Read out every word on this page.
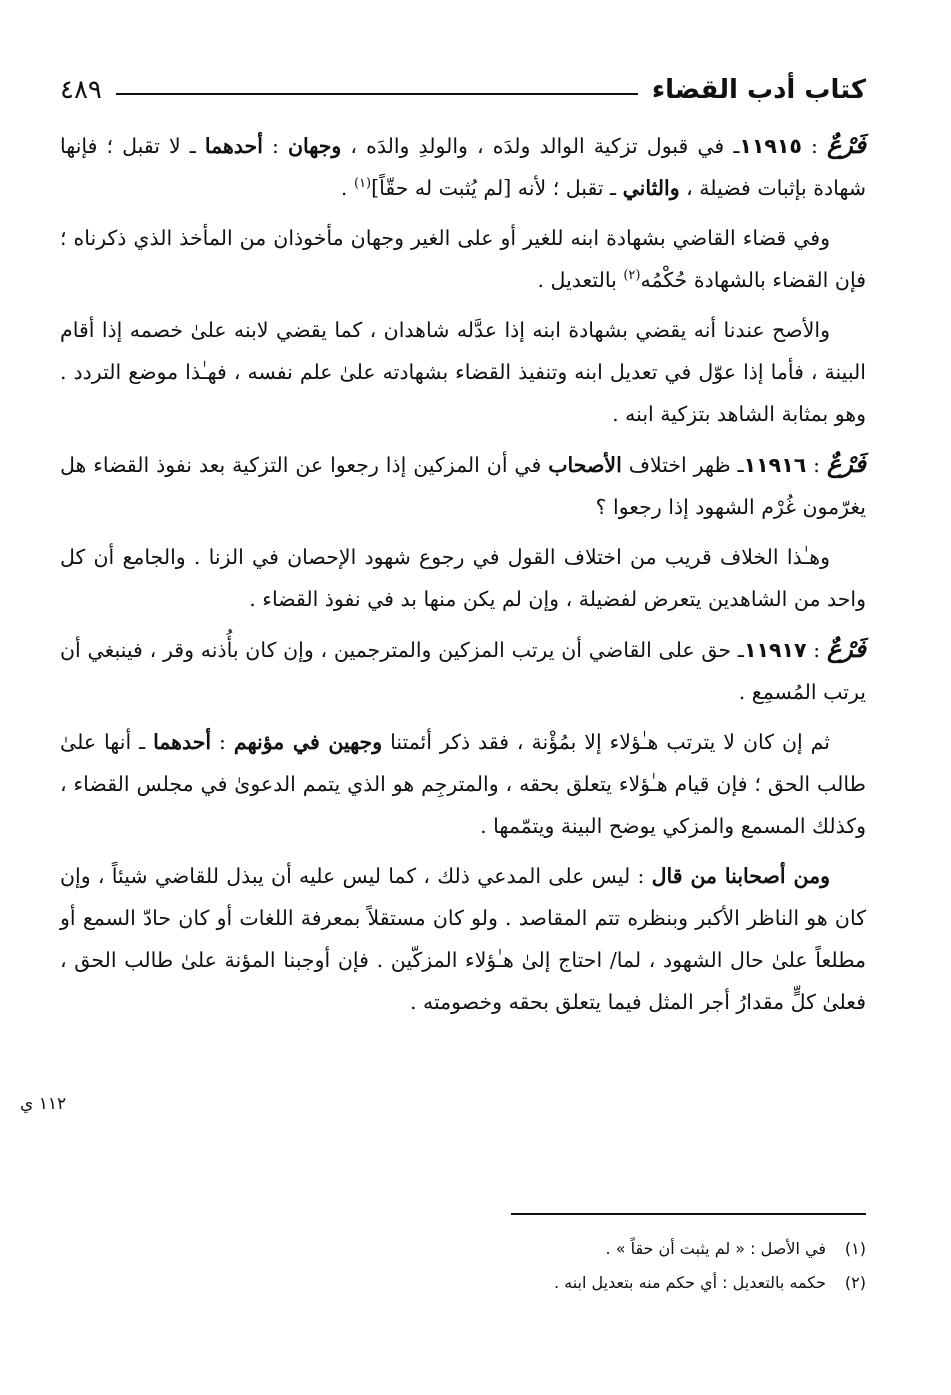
كتاب أدب القضاء
٤٨٩

فَرْعٌ : ١١٩١٥ـ في قبول تزكية الوالد ولدَه ، والولدِ والدَه ، وجهان : أحدهما ـ لا تقبل ؛ فإنها شهادة بإثبات فضيلة ، والثاني ـ تقبل ؛ لأنه [لم يُثبت له حقّاً]$^{(١)}$ .

وفي قضاء القاضي بشهادة ابنه للغير أو على الغير وجهان مأخوذان من المأخذ الذي ذكرناه ؛ فإن القضاء بالشهادة حُكْمُه$^{(٢)}$ بالتعديل .

والأصح عندنا أنه يقضي بشهادة ابنه إذا عدَّله شاهدان ، كما يقضي لابنه علىٰ خصمه إذا أقام البينة ، فأما إذا عوّل في تعديل ابنه وتنفيذ القضاء بشهادته علىٰ علم نفسه ، فهـٰذا موضع التردد . وهو بمثابة الشاهد بتزكية ابنه .

فَرْعٌ : ١١٩١٦ـ ظهر اختلاف الأصحاب في أن المزكين إذا رجعوا عن التزكية بعد نفوذ القضاء هل يغرّمون غُرْم الشهود إذا رجعوا ؟

وهـٰذا الخلاف قريب من اختلاف القول في رجوع شهود الإحصان في الزنا . والجامع أن كل واحد من الشاهدين يتعرض لفضيلة ، وإن لم يكن منها بد في نفوذ القضاء .

فَرْعٌ : ١١٩١٧ـ حق على القاضي أن يرتب المزكين والمترجمين ، وإن كان بأُذنه وقر ، فينبغي أن يرتب المُسمِع .

ثم إن كان لا يترتب هـٰؤلاء إلا بمُؤْنة ، فقد ذكر أئمتنا وجهين في مؤنهم : أحدهما ـ أنها علىٰ طالب الحق ؛ فإن قيام هـٰؤلاء يتعلق بحقه ، والمترجِم هو الذي يتمم الدعوىٰ في مجلس القضاء ، وكذلك المسمع والمزكي يوضح البينة ويتمّمها .

ومن أصحابنا من قال : ليس على المدعي ذلك ، كما ليس عليه أن يبذل للقاضي شيئاً ، وإن كان هو الناظر الأكبر وبنظره تتم المقاصد . ولو كان مستقلاً بمعرفة اللغات أو كان حادّ السمع أو مطلعاً علىٰ حال الشهود ، لما/ احتاج إلىٰ هـٰؤلاء المزكّين . فإن أوجبنا المؤنة علىٰ طالب الحق ، فعلىٰ كلٍّ مقدارُ أجر المثل فيما يتعلق بحقه وخصومته .

١١٢ ي
(١)في الأصل : « لم يثبت أن حقاً » .
(٢)حكمه بالتعديل : أي حكم منه بتعديل ابنه .
